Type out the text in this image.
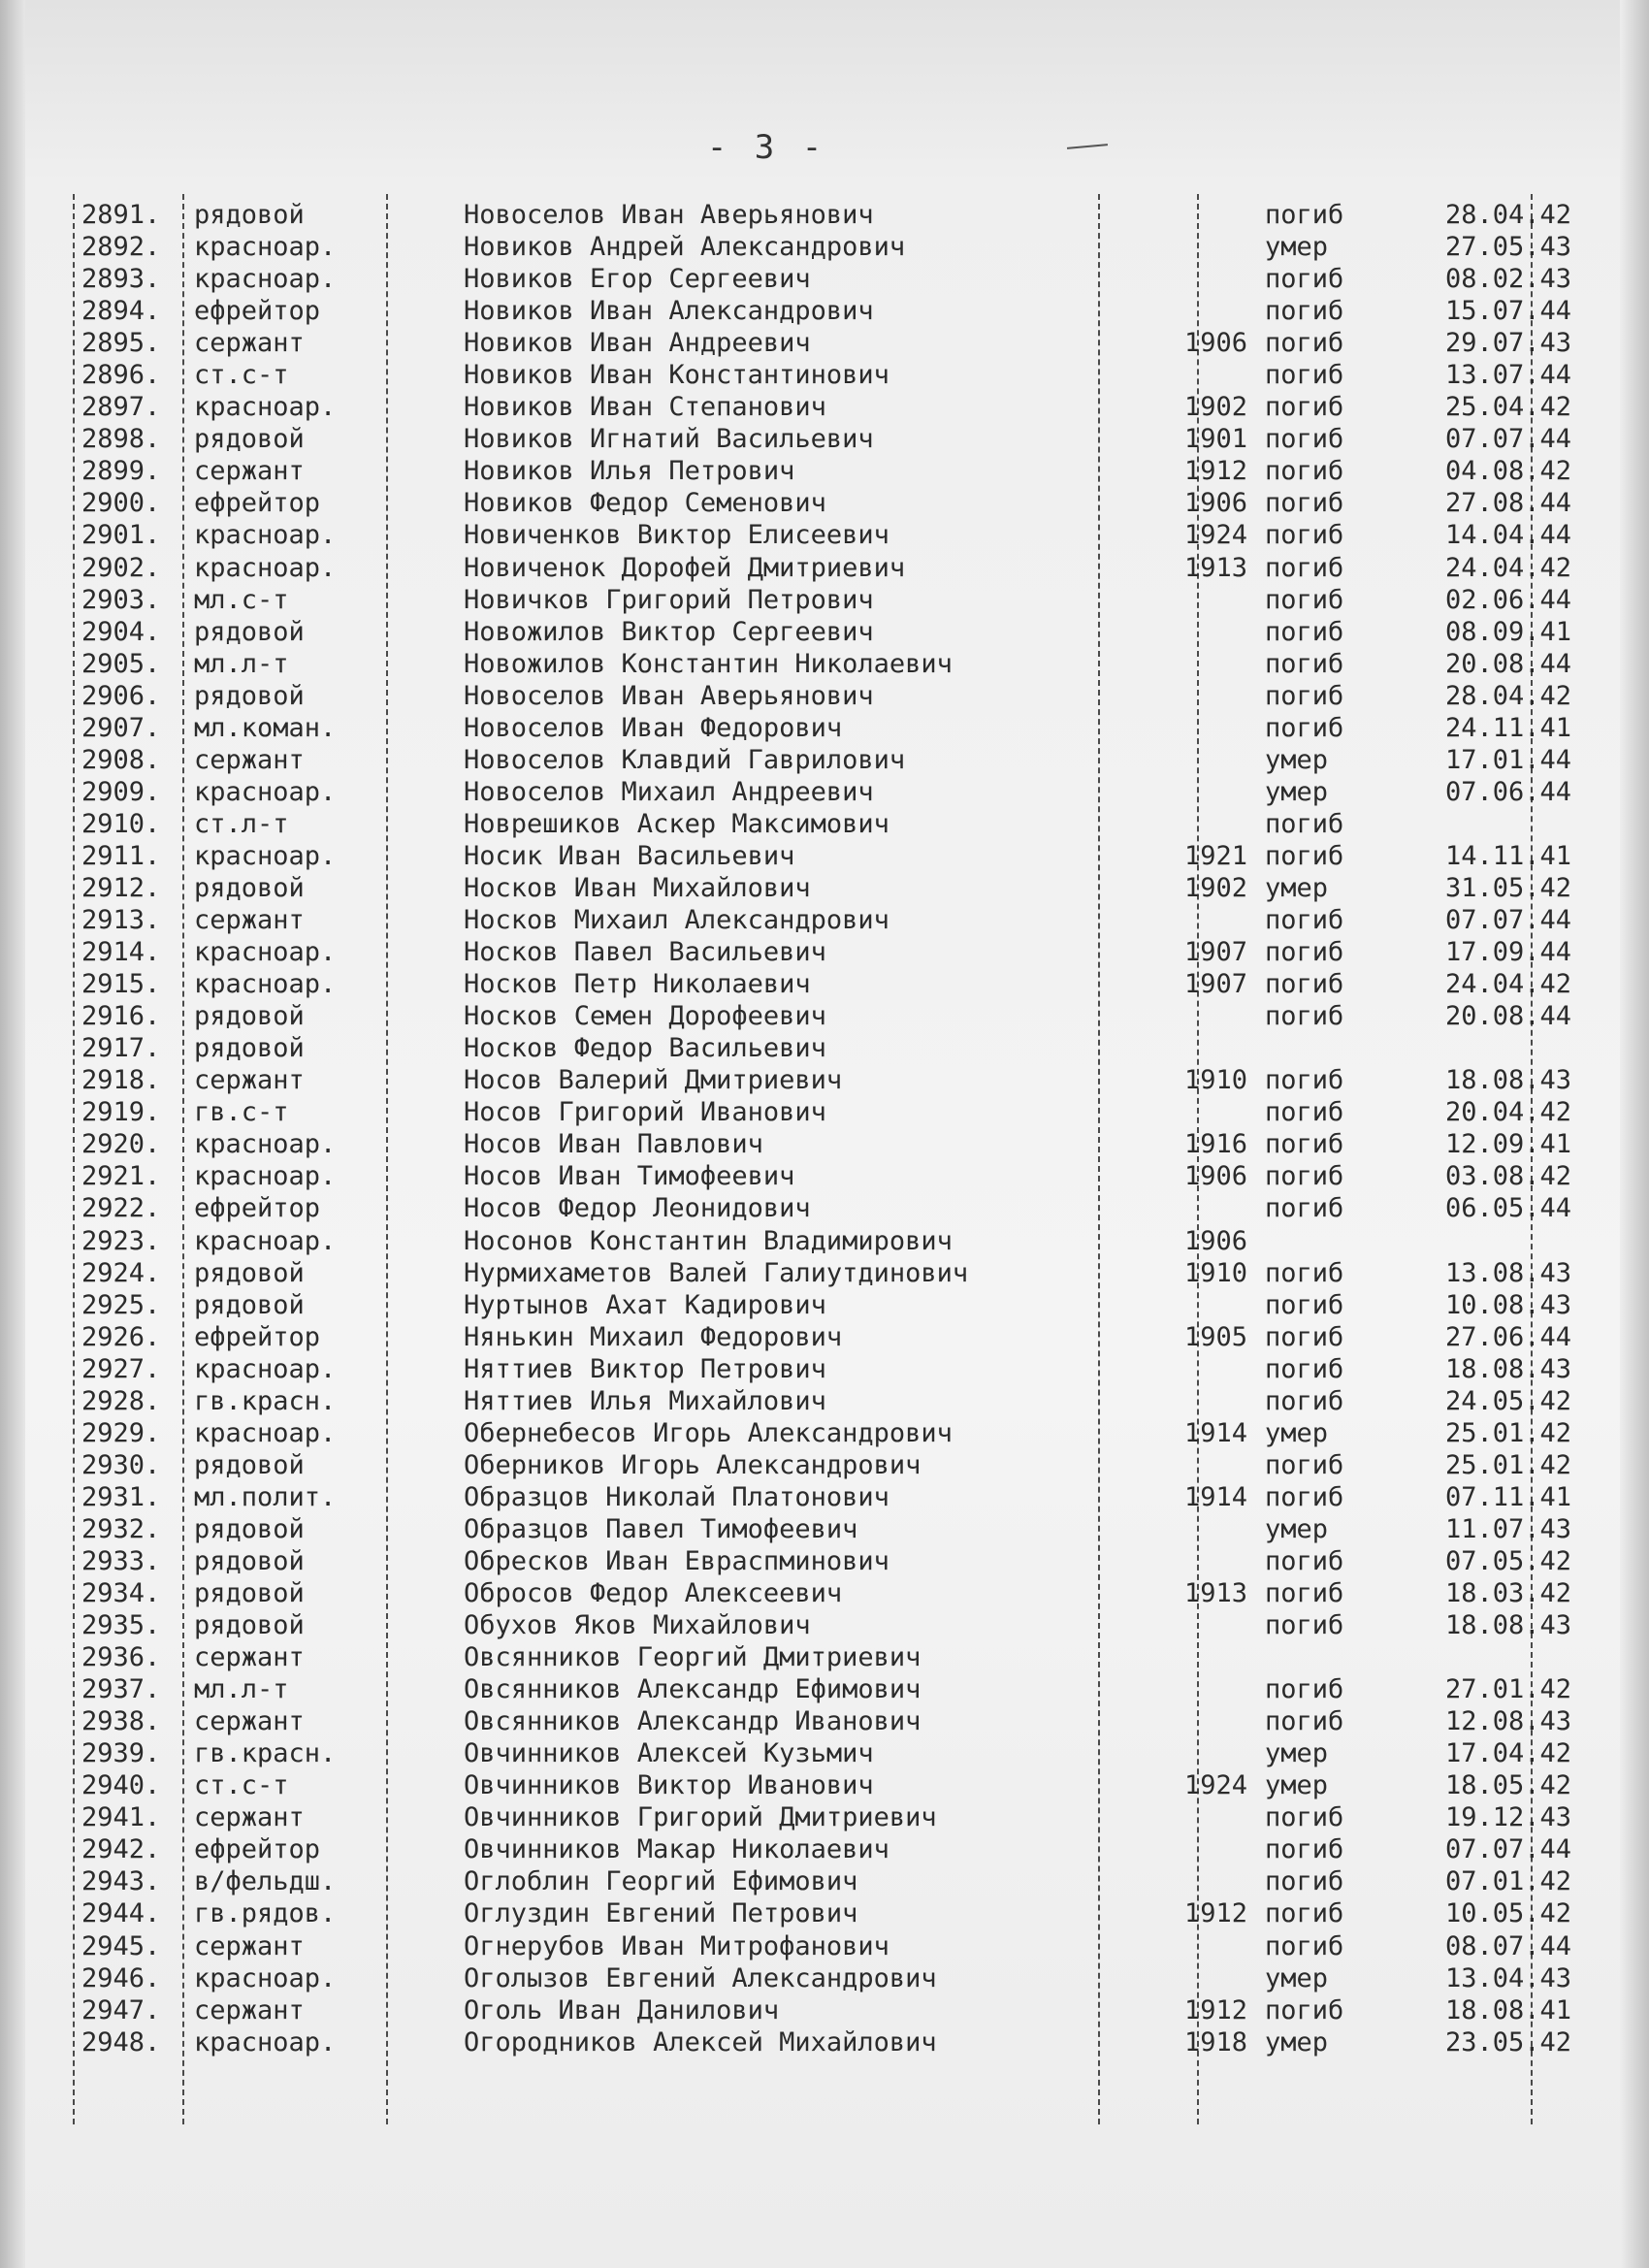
- 3 -
2891.	рядовой	Новоселов Иван Аверьянович	погиб	28.04.42
2892.	красноар.	Новиков Андрей Александрович	умер	27.05.43
2893.	красноар.	Новиков Егор Сергеевич	погиб	08.02.43
2894.	ефрейтор	Новиков Иван Александрович	погиб	15.07.44
2895.	сержант	Новиков Иван Андреевич	1906 погиб	29.07.43
2896.	ст.с-т	Новиков Иван Константинович	погиб	13.07.44
2897.	красноар.	Новиков Иван Степанович	1902 погиб	25.04.42
2898.	рядовой	Новиков Игнатий Васильевич	1901 погиб	07.07.44
2899.	сержант	Новиков Илья Петрович	1912 погиб	04.08.42
2900.	ефрейтор	Новиков Федор Семенович	1906 погиб	27.08.44
2901.	красноар.	Новиченков Виктор Елисеевич	1924 погиб	14.04.44
2902.	красноар.	Новиченок Дорофей Дмитриевич	1913 погиб	24.04.42
2903.	мл.с-т	Новичков Григорий Петрович	погиб	02.06.44
2904.	рядовой	Новожилов Виктор Сергеевич	погиб	08.09.41
2905.	мл.л-т	Новожилов Константин Николаевич	погиб	20.08.44
2906.	рядовой	Новоселов Иван Аверьянович	погиб	28.04.42
2907.	мл.коман.	Новоселов Иван Федорович	погиб	24.11.41
2908.	сержант	Новоселов Клавдий Гаврилович	умер	17.01.44
2909.	красноар.	Новоселов Михаил Андреевич	умер	07.06.44
2910.	ст.л-т	Новрешиков Аскер Максимович	погиб
2911.	красноар.	Носик Иван Васильевич	1921 погиб	14.11.41
2912.	рядовой	Носков Иван Михайлович	1902 умер	31.05.42
2913.	сержант	Носков Михаил Александрович	погиб	07.07.44
2914.	красноар.	Носков Павел Васильевич	1907 погиб	17.09.44
2915.	красноар.	Носков Петр Николаевич	1907 погиб	24.04.42
2916.	рядовой	Носков Семен Дорофеевич	погиб	20.08.44
2917.	рядовой	Носков Федор Васильевич
2918.	сержант	Носов Валерий Дмитриевич	1910 погиб	18.08.43
2919.	гв.с-т	Носов Григорий Иванович	погиб	20.04.42
2920.	красноар.	Носов Иван Павлович	1916 погиб	12.09.41
2921.	красноар.	Носов Иван Тимофеевич	1906 погиб	03.08.42
2922.	ефрейтор	Носов Федор Леонидович	погиб	06.05.44
2923.	красноар.	Носонов Константин Владимирович	1906
2924.	рядовой	Нурмихаметов Валей Галиутдинович	1910 погиб	13.08.43
2925.	рядовой	Нуртынов Ахат Кадирович	погиб	10.08.43
2926.	ефрейтор	Нянькин Михаил Федорович	1905 погиб	27.06.44
2927.	красноар.	Няттиев Виктор Петрович	погиб	18.08.43
2928.	гв.красн.	Няттиев Илья Михайлович	погиб	24.05.42
2929.	красноар.	Обернебесов Игорь Александрович	1914 умер	25.01.42
2930.	рядовой	Оберников Игорь Александрович	погиб	25.01.42
2931.	мл.полит.	Образцов Николай Платонович	1914 погиб	07.11.41
2932.	рядовой	Образцов Павел Тимофеевич	умер	11.07.43
2933.	рядовой	Обресков Иван Евраспминович	погиб	07.05.42
2934.	рядовой	Обросов Федор Алексеевич	1913 погиб	18.03.42
2935.	рядовой	Обухов Яков Михайлович	погиб	18.08.43
2936.	сержант	Овсянников Георгий Дмитриевич
2937.	мл.л-т	Овсянников Александр Ефимович	погиб	27.01.42
2938.	сержант	Овсянников Александр Иванович	погиб	12.08.43
2939.	гв.красн.	Овчинников Алексей Кузьмич	умер	17.04.42
2940.	ст.с-т	Овчинников Виктор Иванович	1924 умер	18.05.42
2941.	сержант	Овчинников Григорий Дмитриевич	погиб	19.12.43
2942.	ефрейтор	Овчинников Макар Николаевич	погиб	07.07.44
2943.	в/фельдш.	Оглоблин Георгий Ефимович	погиб	07.01.42
2944.	гв.рядов.	Оглуздин Евгений Петрович	1912 погиб	10.05.42
2945.	сержант	Огнерубов Иван Митрофанович	погиб	08.07.44
2946.	красноар.	Оголызов Евгений Александрович	умер	13.04.43
2947.	сержант	Оголь Иван Данилович	1912 погиб	18.08.41
2948.	красноар.	Огородников Алексей Михайлович	1918 умер	23.05.42
